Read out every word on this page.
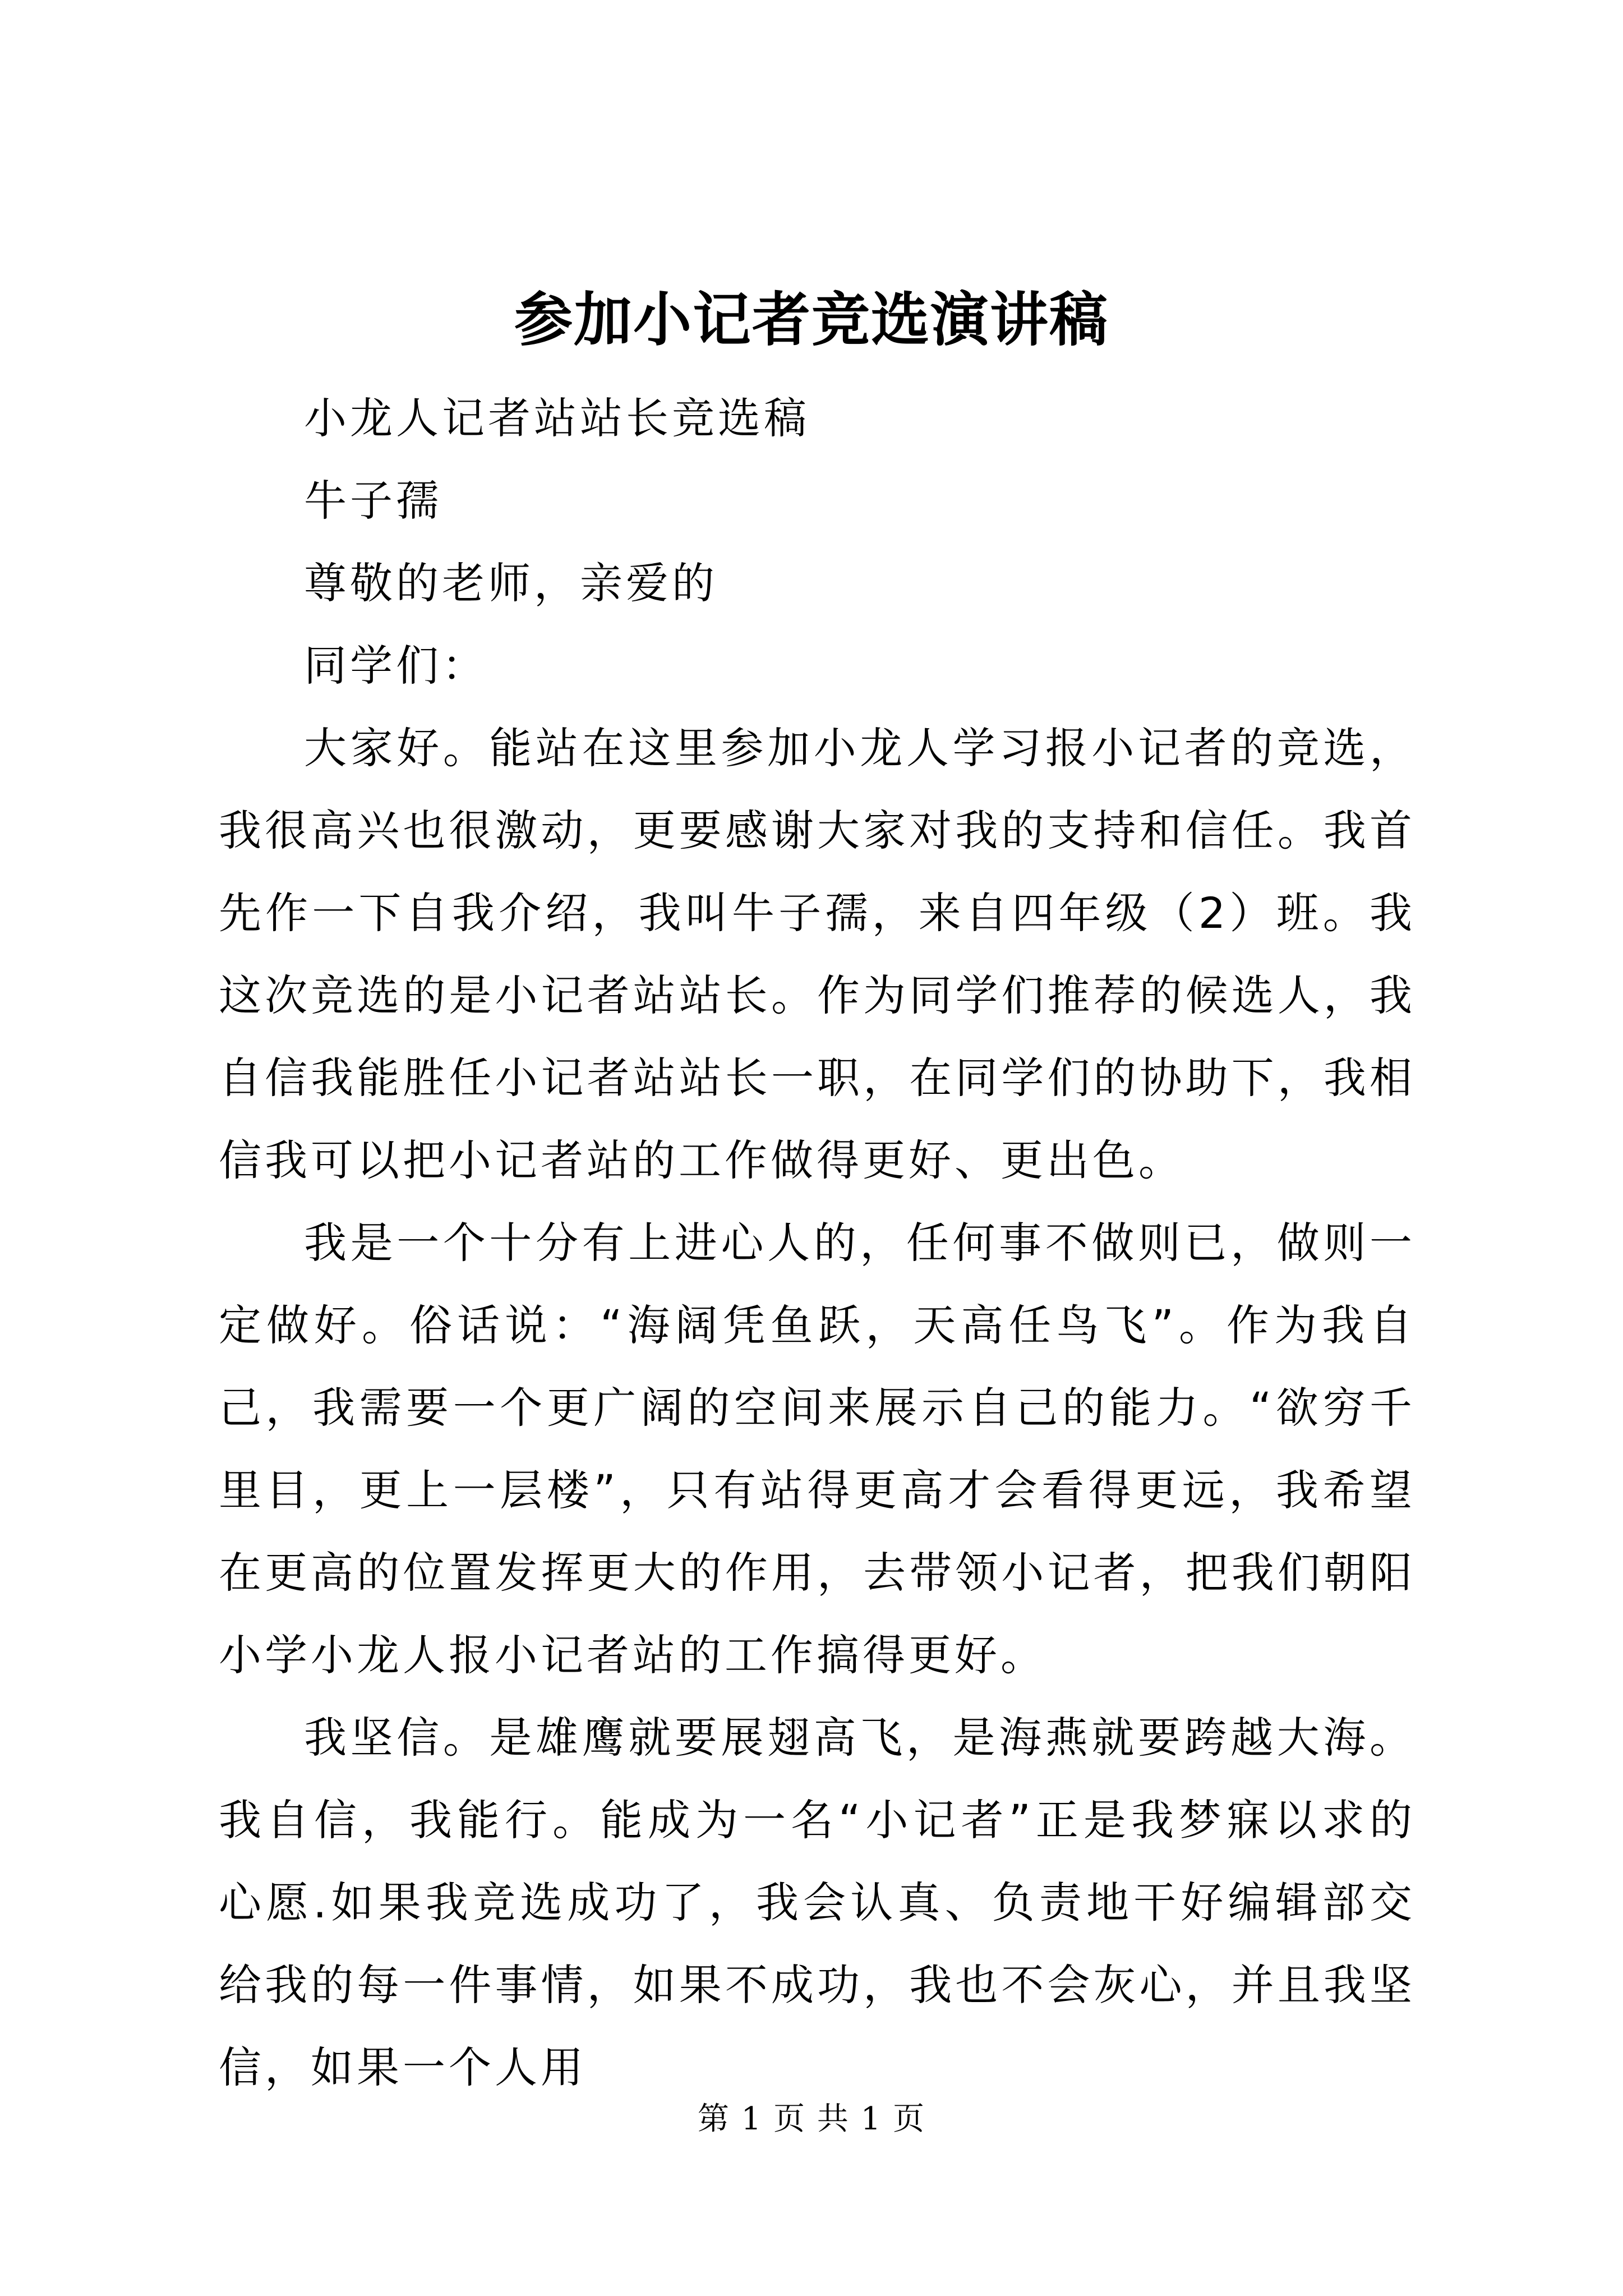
参加小记者竞选演讲稿

小龙人记者站站长竞选稿

牛子孺

尊敬的老师，亲爱的

同学们：

大家好。能站在这里参加小龙人学习报小记者的竞选，我很高兴也很激动，更要感谢大家对我的支持和信任。我首先作一下自我介绍，我叫牛子孺，来自四年级（2）班。我这次竞选的是小记者站站长。作为同学们推荐的候选人，我自信我能胜任小记者站站长一职，在同学们的协助下，我相信我可以把小记者站的工作做得更好、更出色。

我是一个十分有上进心人的，任何事不做则已，做则一定做好。俗话说：“海阔凭鱼跃，天高任鸟飞”。作为我自己，我需要一个更广阔的空间来展示自己的能力。“欲穷千里目，更上一层楼”，只有站得更高才会看得更远，我希望在更高的位置发挥更大的作用，去带领小记者，把我们朝阳小学小龙人报小记者站的工作搞得更好。

我坚信。是雄鹰就要展翅高飞，是海燕就要跨越大海。我自信，我能行。能成为一名“小记者”正是我梦寐以求的心愿.如果我竞选成功了，我会认真、负责地干好编辑部交给我的每一件事情，如果不成功，我也不会灰心，并且我坚信，如果一个人用

第 1 页 共 1 页
